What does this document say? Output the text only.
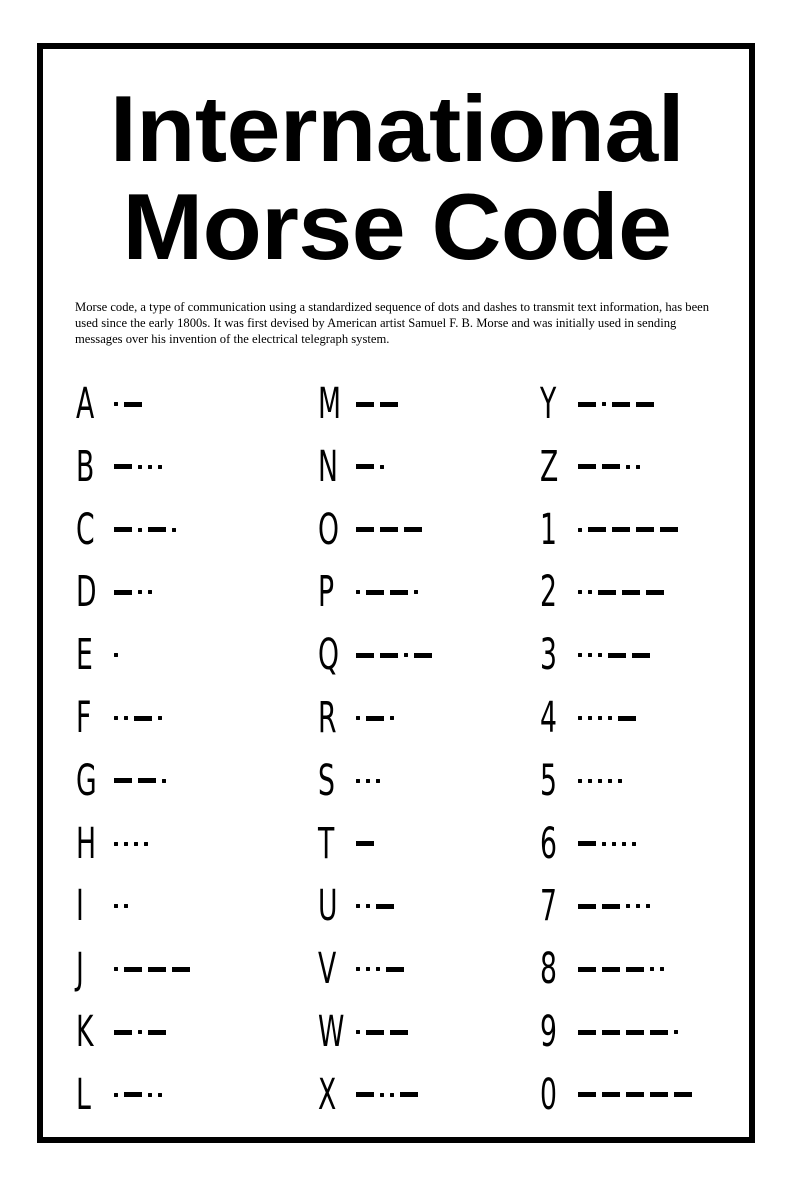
International
Morse Code

Morse code, a type of communication using a standardized sequence of dots and dashes to transmit text information, has been used since the early 1800s. It was first devised by American artist Samuel F. B. Morse and was initially used in sending messages over his invention of the electrical telegraph system.

A
B
C
D
E
F
G
H
I
J
K
L
M
N
O
P
Q
R
S
T
U
V
W
X
Y
Z
1
2
3
4
5
6
7
8
9
0
